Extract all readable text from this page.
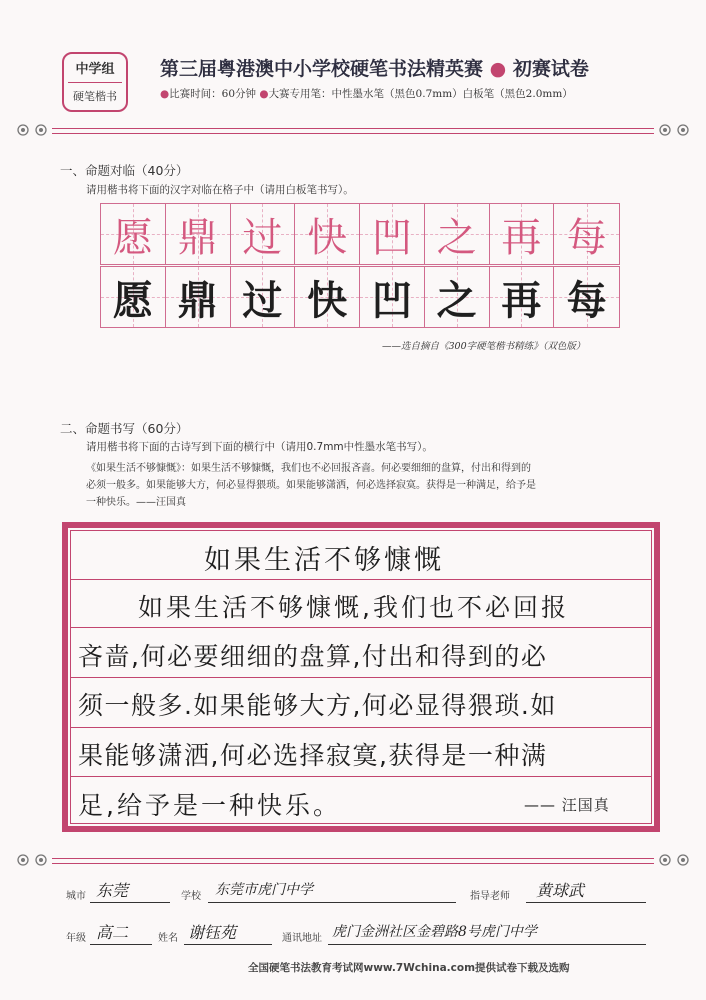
中学组
硬笔楷书
第三届粤港澳中小学校硬笔书法精英赛 ● 初赛试卷
●比赛时间：60分钟 ●大赛专用笔：中性墨水笔（黑色0.7mm）白板笔（黑色2.0mm）
一、命题对临（40分）
请用楷书将下面的汉字对临在格子中（请用白板笔书写）。
愿 鼎 过 快 凹 之 再 每
愿 鼎 过 快 凹 之 再 每
——选自摘自《300字硬笔楷书精练》（双色版）
二、命题书写（60分）
请用楷书将下面的古诗写到下面的横行中（请用0.7mm中性墨水笔书写）。
《如果生活不够慷慨》：如果生活不够慷慨，我们也不必回报吝啬。何必要细细的盘算，付出和得到的
必须一般多。如果能够大方，何必显得猥琐。如果能够潇洒，何必选择寂寞。获得是一种满足，给予是
一种快乐。——汪国真
如果生活不够慷慨
如果生活不够慷慨,我们也不必回报
吝啬,何必要细细的盘算,付出和得到的必
须一般多.如果能够大方,何必显得猥琐.如
果能够潇洒,何必选择寂寞,获得是一种满
足,给予是一种快乐。	—— 汪国真
城市 东莞	学校 东莞市虎门中学	指导老师 黄球武
年级 高二	姓名 谢钰苑	通讯地址 虎门金洲社区金碧路8号虎门中学
全国硬笔书法教育考试网www.7Wchina.com提供试卷下载及选购
